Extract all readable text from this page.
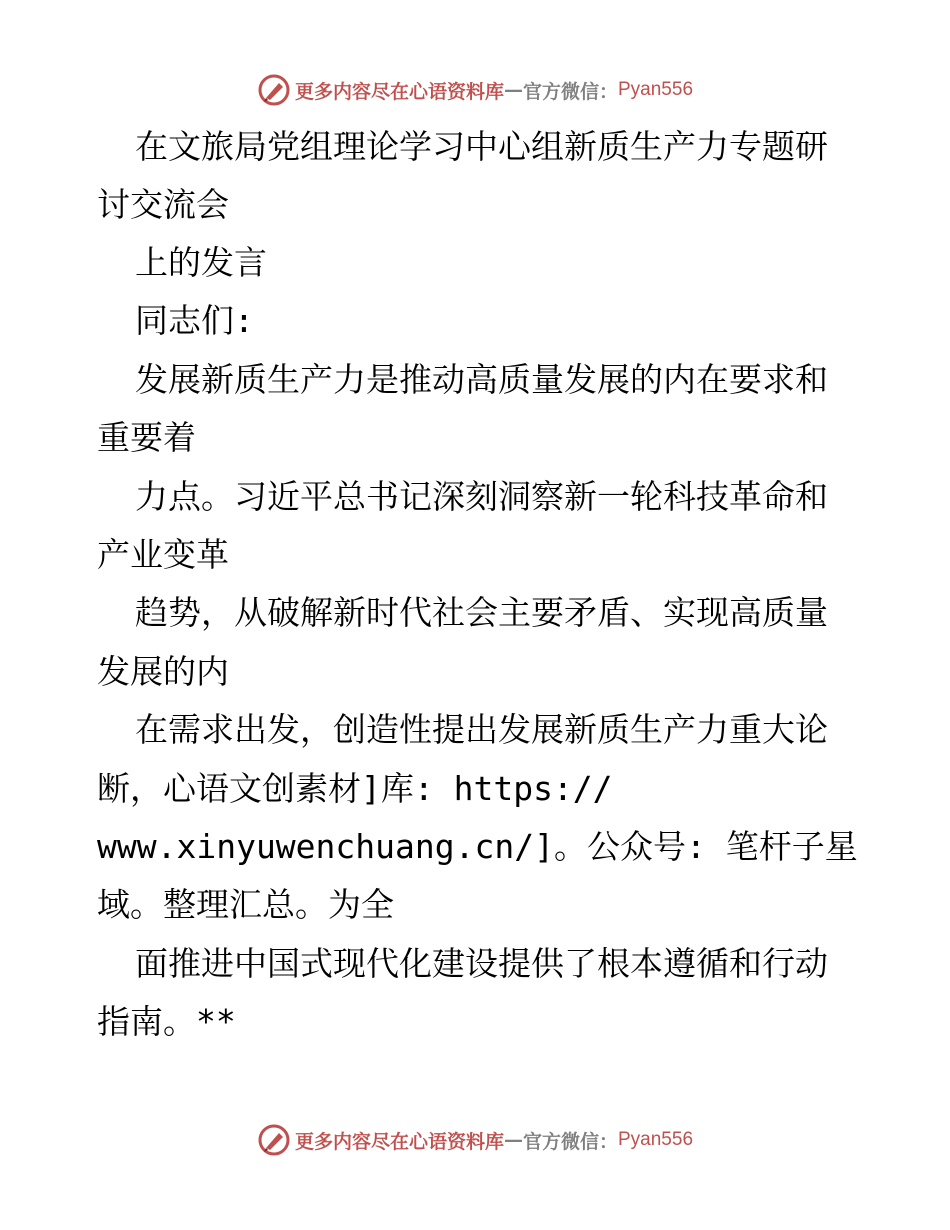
更多内容尽在心语资料库 — 官方微信： Pyan556
在文旅局党组理论学习中心组新质生产力专题研
讨交流会
上的发言
同志们:
发展新质生产力是推动高质量发展的内在要求和
重要着
力点。习近平总书记深刻洞察新一轮科技革命和
产业变革
趋势，从破解新时代社会主要矛盾、实现高质量
发展的内
在需求出发，创造性提出发展新质生产力重大论
断，心语文创素材]库: https://
www.xinyuwenchuang.cn/]。公众号: 笔杆子星
域。整理汇总。为全
面推进中国式现代化建设提供了根本遵循和行动
指南。**
更多内容尽在心语资料库 — 官方微信： Pyan556
